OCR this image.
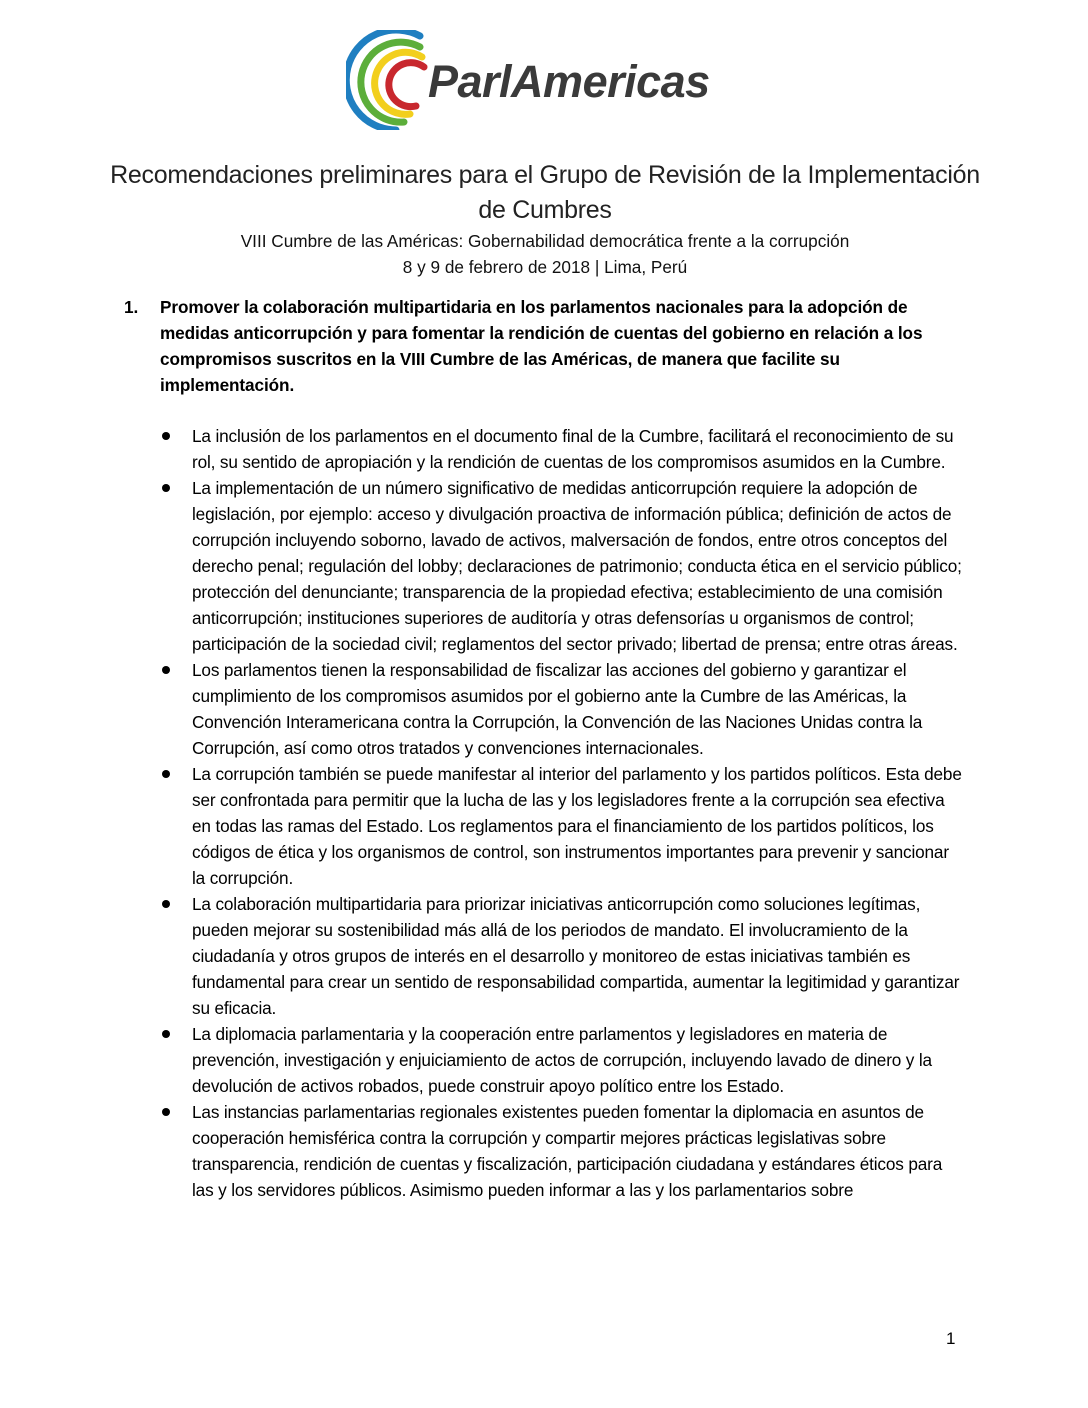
ParlAmericas
Recomendaciones preliminares para el Grupo de Revisión de la Implementación de Cumbres
VIII Cumbre de las Américas: Gobernabilidad democrática frente a la corrupción
8 y 9 de febrero de 2018 | Lima, Perú
1. Promover la colaboración multipartidaria en los parlamentos nacionales para la adopción de medidas anticorrupción y para fomentar la rendición de cuentas del gobierno en relación a los compromisos suscritos en la VIII Cumbre de las Américas, de manera que facilite su implementación.
La inclusión de los parlamentos en el documento final de la Cumbre, facilitará el reconocimiento de su rol, su sentido de apropiación y la rendición de cuentas de los compromisos asumidos en la Cumbre.
La implementación de un número significativo de medidas anticorrupción requiere la adopción de legislación, por ejemplo: acceso y divulgación proactiva de información pública; definición de actos de corrupción incluyendo soborno, lavado de activos, malversación de fondos, entre otros conceptos del derecho penal; regulación del lobby; declaraciones de patrimonio; conducta ética en el servicio público; protección del denunciante; transparencia de la propiedad efectiva; establecimiento de una comisión anticorrupción; instituciones superiores de auditoría y otras defensorías u organismos de control; participación de la sociedad civil; reglamentos del sector privado; libertad de prensa; entre otras áreas.
Los parlamentos tienen la responsabilidad de fiscalizar las acciones del gobierno y garantizar el cumplimiento de los compromisos asumidos por el gobierno ante la Cumbre de las Américas, la Convención Interamericana contra la Corrupción, la Convención de las Naciones Unidas contra la Corrupción, así como otros tratados y convenciones internacionales.
La corrupción también se puede manifestar al interior del parlamento y los partidos políticos. Esta debe ser confrontada para permitir que la lucha de las y los legisladores frente a la corrupción sea efectiva en todas las ramas del Estado. Los reglamentos para el financiamiento de los partidos políticos, los códigos de ética y los organismos de control, son instrumentos importantes para prevenir y sancionar la corrupción.
La colaboración multipartidaria para priorizar iniciativas anticorrupción como soluciones legítimas, pueden mejorar su sostenibilidad más allá de los periodos de mandato. El involucramiento de la ciudadanía y otros grupos de interés en el desarrollo y monitoreo de estas iniciativas también es fundamental para crear un sentido de responsabilidad compartida, aumentar la legitimidad y garantizar su eficacia.
La diplomacia parlamentaria y la cooperación entre parlamentos y legisladores en materia de prevención, investigación y enjuiciamiento de actos de corrupción, incluyendo lavado de dinero y la devolución de activos robados, puede construir apoyo político entre los Estado.
Las instancias parlamentarias regionales existentes pueden fomentar la diplomacia en asuntos de cooperación hemisférica contra la corrupción y compartir mejores prácticas legislativas sobre transparencia, rendición de cuentas y fiscalización, participación ciudadana y estándares éticos para las y los servidores públicos. Asimismo pueden informar a las y los parlamentarios sobre
1
